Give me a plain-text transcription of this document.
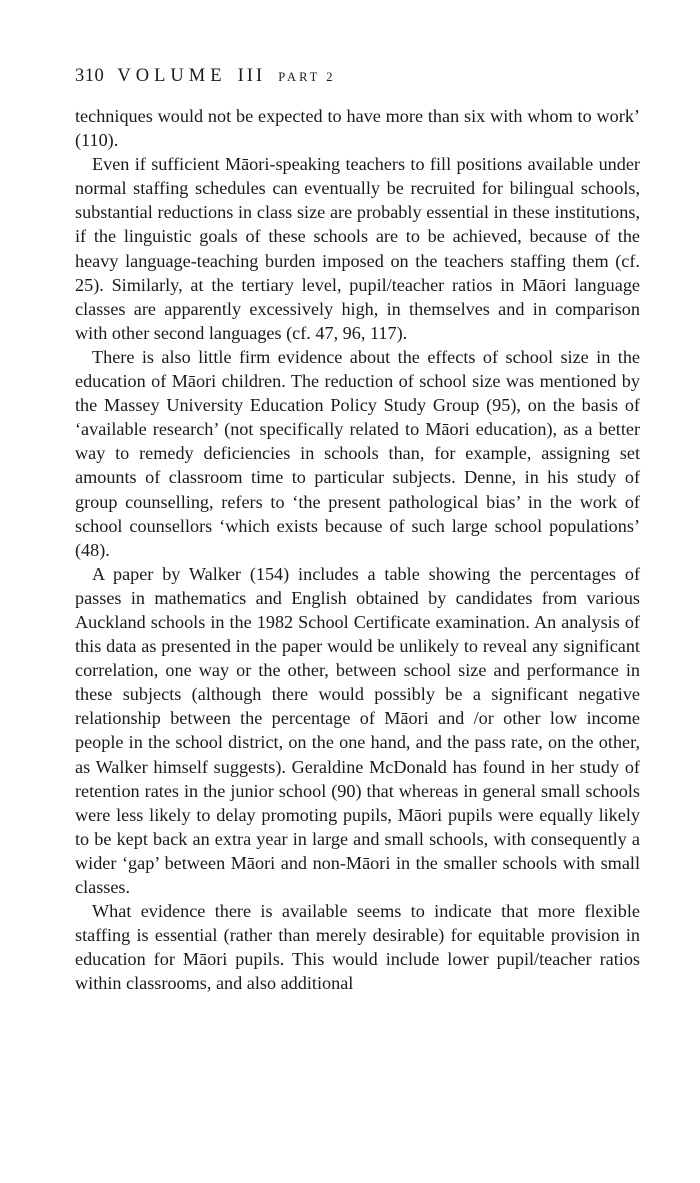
310 VOLUME III PART 2

techniques would not be expected to have more than six with whom to work’ (110).

Even if sufficient Māori-speaking teachers to fill positions available under normal staffing schedules can eventually be recruited for bilingual schools, substantial reductions in class size are probably essential in these institutions, if the linguistic goals of these schools are to be achieved, because of the heavy language-teaching burden imposed on the teachers staffing them (cf. 25). Similarly, at the tertiary level, pupil/teacher ratios in Māori language classes are apparently excessively high, in themselves and in comparison with other second languages (cf. 47, 96, 117).

There is also little firm evidence about the effects of school size in the education of Māori children. The reduction of school size was mentioned by the Massey University Education Policy Study Group (95), on the basis of ‘available research’ (not specifically related to Māori education), as a better way to remedy deficiencies in schools than, for example, assigning set amounts of classroom time to particular subjects. Denne, in his study of group counselling, refers to ‘the present pathological bias’ in the work of school counsellors ‘which exists because of such large school populations’ (48).

A paper by Walker (154) includes a table showing the percentages of passes in mathematics and English obtained by candidates from various Auckland schools in the 1982 School Certificate examination. An analysis of this data as presented in the paper would be unlikely to reveal any significant correlation, one way or the other, between school size and performance in these subjects (although there would possibly be a significant negative relationship between the percentage of Māori and /or other low income people in the school district, on the one hand, and the pass rate, on the other, as Walker himself suggests). Geraldine McDonald has found in her study of retention rates in the junior school (90) that whereas in general small schools were less likely to delay promoting pupils, Māori pupils were equally likely to be kept back an extra year in large and small schools, with consequently a wider ‘gap’ between Māori and non-Māori in the smaller schools with small classes.

What evidence there is available seems to indicate that more flexible staffing is essential (rather than merely desirable) for equitable provision in education for Māori pupils. This would include lower pupil/teacher ratios within classrooms, and also additional
